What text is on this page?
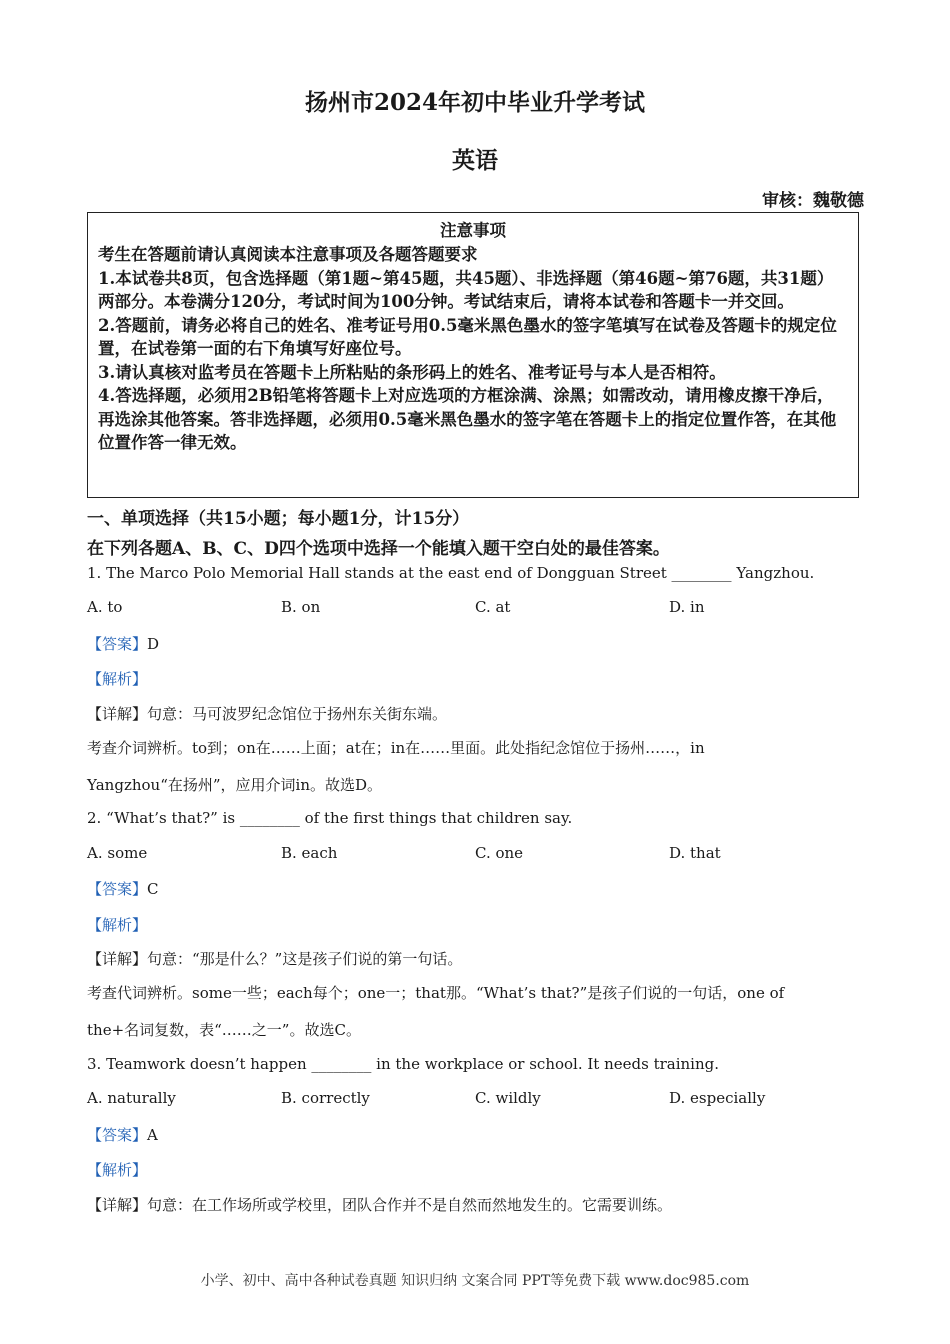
扬州市2024年初中毕业升学考试
英语
审核：魏敬德
注意事项

考生在答题前请认真阅读本注意事项及各题答题要求

1.本试卷共8页，包含选择题（第1题~第45题，共45题）、非选择题（第46题~第76题，共31题）两部分。本卷满分120分，考试时间为100分钟。考试结束后，请将本试卷和答题卡一并交回。

2.答题前，请务必将自己的姓名、准考证号用0.5毫米黑色墨水的签字笔填写在试卷及答题卡的规定位置，在试卷第一面的右下角填写好座位号。

3.请认真核对监考员在答题卡上所粘贴的条形码上的姓名、准考证号与本人是否相符。

4.答选择题，必须用2B铅笔将答题卡上对应选项的方框涂满、涂黑；如需改动，请用橡皮擦干净后，再选涂其他答案。答非选择题，必须用0.5毫米黑色墨水的签字笔在答题卡上的指定位置作答，在其他位置作答一律无效。

一、单项选择（共15小题；每小题1分，计15分）
在下列各题A、B、C、D四个选项中选择一个能填入题干空白处的最佳答案。
1. The Marco Polo Memorial Hall stands at the east end of Dongguan Street ________ Yangzhou.
A. to	B. on	C. at	D. in
【答案】D
【解析】
【详解】句意：马可波罗纪念馆位于扬州东关街东端。
考查介词辨析。to到；on在……上面；at在；in在……里面。此处指纪念馆位于扬州……，in
Yangzhou“在扬州”，应用介词in。故选D。
2. “What’s that?” is ________ of the first things that children say.
A. some	B. each	C. one	D. that
【答案】C
【解析】
【详解】句意：“那是什么？”这是孩子们说的第一句话。
考查代词辨析。some一些；each每个；one一；that那。“What’s that?”是孩子们说的一句话，one of
the+名词复数，表“……之一”。故选C。
3. Teamwork doesn’t happen ________ in the workplace or school. It needs training.
A. naturally	B. correctly	C. wildly	D. especially
【答案】A
【解析】
【详解】句意：在工作场所或学校里，团队合作并不是自然而然地发生的。它需要训练。
小学、初中、高中各种试卷真题 知识归纳 文案合同 PPT等免费下载 www.doc985.com
